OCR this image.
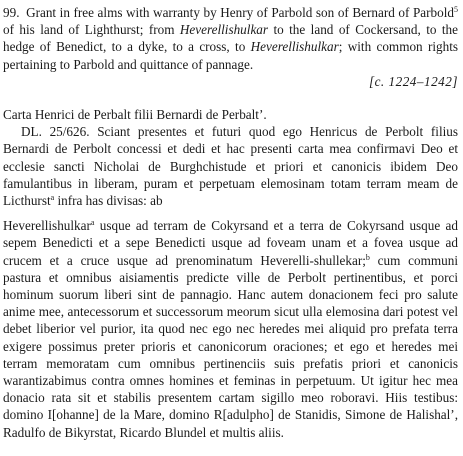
99. Grant in free alms with warranty by Henry of Parbold son of Bernard of Parbold$^5$ of his land of Lighthurst; from Heverellishulkar to the land of Cockersand, to the hedge of Benedict, to a dyke, to a cross, to Heverellishulkar; with common rights pertaining to Parbold and quittance of pannage.

[c. 1224–1242]

Carta Henrici de Perbalt filii Bernardi de Perbalt’.

DL. 25/626. Sciant presentes et futuri quod ego Henricus de Perbolt filius Bernardi de Perbolt concessi et dedi et hac presenti carta mea confirmavi Deo et ecclesie sancti Nicholai de Burghchistude et priori et canonicis ibidem Deo famulantibus in liberam, puram et perpetuam elemosinam totam terram meam de Licthurst$^a$ infra has divisas: ab

Heverellishulkar$^a$ usque ad terram de Cokyrsand et a terra de Cokyrsand usque ad sepem Benedicti et a sepe Benedicti usque ad foveam unam et a fovea usque ad crucem et a cruce usque ad prenominatum Heverelli-shullekar;$^b$ cum communi pastura et omnibus aisiamentis predicte ville de Perbolt pertinentibus, et porci hominum suorum liberi sint de pannagio. Hanc autem donacionem feci pro salute anime mee, antecessorum et successorum meorum sicut ulla elemosina dari potest vel debet liberior vel purior, ita quod nec ego nec heredes mei aliquid pro prefata terra exigere possimus preter prioris et canonicorum oraciones; et ego et heredes mei terram memoratam cum omnibus pertinenciis suis prefatis priori et canonicis warantizabimus contra omnes homines et feminas in perpetuum. Ut igitur hec mea donacio rata sit et stabilis presentem cartam sigillo meo roboravi. Hiis testibus: domino I[ohanne] de la Mare, domino R[adulpho] de Stanidis, Simone de Halishal’, Radulfo de Bikyrstat, Ricardo Blundel et multis aliis.
